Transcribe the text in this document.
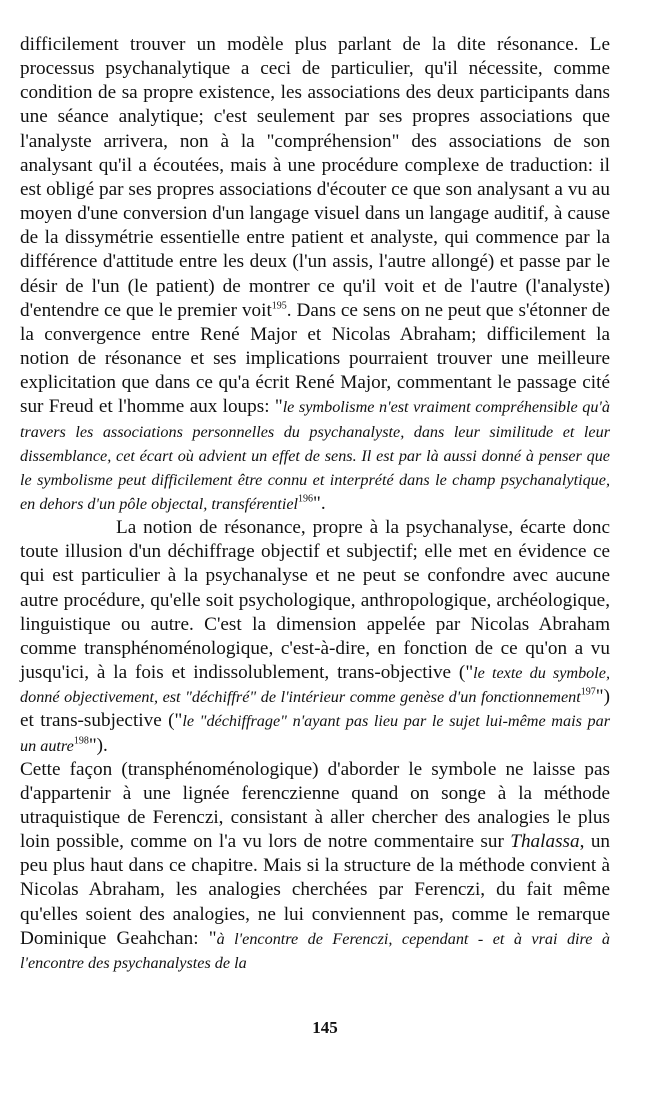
difficilement trouver un modèle plus parlant de la dite résonance. Le processus psychanalytique a ceci de particulier, qu'il nécessite, comme condition de sa propre existence, les associations des deux participants dans une séance analytique; c'est seulement par ses propres associations que l'analyste arrivera, non à la "compréhension" des associations de son analysant qu'il a écoutées, mais à une procédure complexe de traduction: il est obligé par ses propres associations d'écouter ce que son analysant a vu au moyen d'une conversion d'un langage visuel dans un langage auditif, à cause de la dissymétrie essentielle entre patient et analyste, qui commence par la différence d'attitude entre les deux (l'un assis, l'autre allongé) et passe par le désir de l'un (le patient) de montrer ce qu'il voit et de l'autre (l'analyste) d'entendre ce que le premier voit$^{195}$. Dans ce sens on ne peut que s'étonner de la convergence entre René Major et Nicolas Abraham; difficilement la notion de résonance et ses implications pourraient trouver une meilleure explicitation que dans ce qu'a écrit René Major, commentant le passage cité sur Freud et l'homme aux loups: "le symbolisme n'est vraiment compréhensible qu'à travers les associations personnelles du psychanalyste, dans leur similitude et leur dissemblance, cet écart où advient un effet de sens. Il est par là aussi donné à penser que le symbolisme peut difficilement être connu et interprété dans le champ psychanalytique, en dehors d'un pôle objectal, transférentiel$^{196}$".

La notion de résonance, propre à la psychanalyse, écarte donc toute illusion d'un déchiffrage objectif et subjectif; elle met en évidence ce qui est particulier à la psychanalyse et ne peut se confondre avec aucune autre procédure, qu'elle soit psychologique, anthropologique, archéologique, linguistique ou autre. C'est la dimension appelée par Nicolas Abraham comme transphénoménologique, c'est-à-dire, en fonction de ce qu'on a vu jusqu'ici, à la fois et indissolublement, trans-objective ("le texte du symbole, donné objectivement, est "déchiffré" de l'intérieur comme genèse d'un fonctionnement$^{197}$") et trans-subjective ("le "déchiffrage" n'ayant pas lieu par le sujet lui-même mais par un autre$^{198}$").

Cette façon (transphénoménologique) d'aborder le symbole ne laisse pas d'appartenir à une lignée ferenczienne quand on songe à la méthode utraquistique de Ferenczi, consistant à aller chercher des analogies le plus loin possible, comme on l'a vu lors de notre commentaire sur Thalassa, un peu plus haut dans ce chapitre. Mais si la structure de la méthode convient à Nicolas Abraham, les analogies cherchées par Ferenczi, du fait même qu'elles soient des analogies, ne lui conviennent pas, comme le remarque Dominique Geahchan: "à l'encontre de Ferenczi, cependant - et à vrai dire à l'encontre des psychanalystes de la

145
